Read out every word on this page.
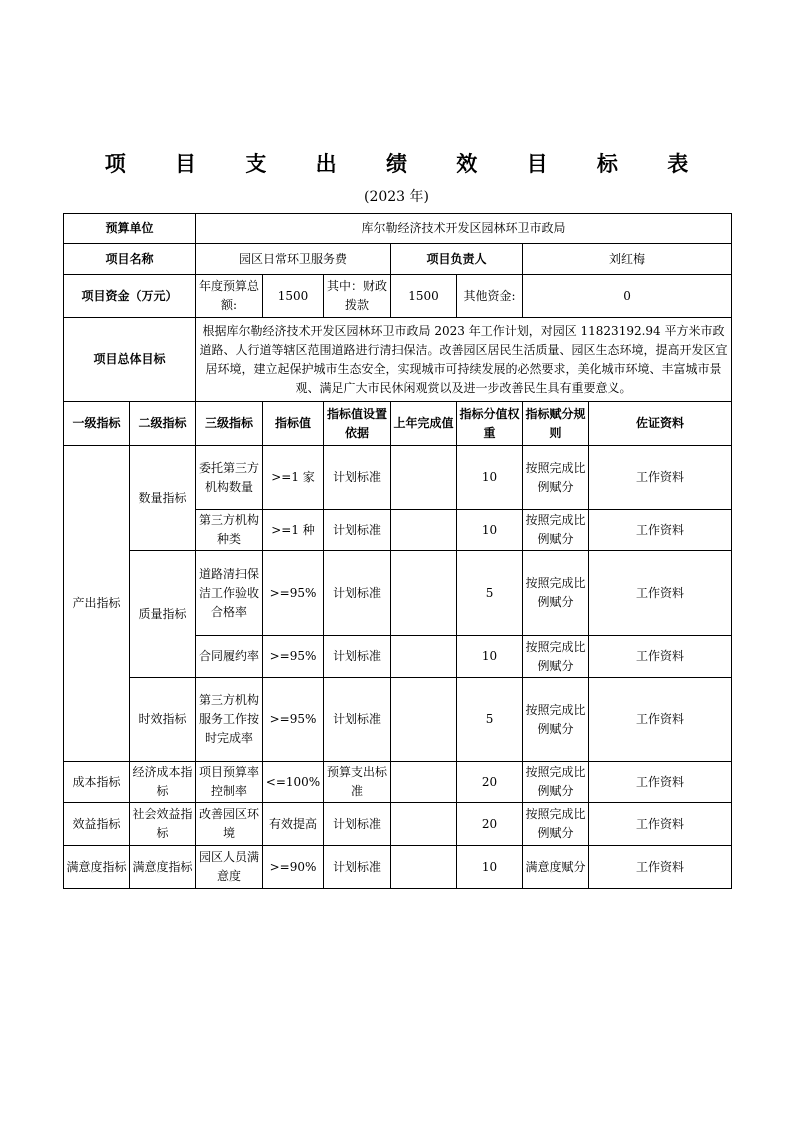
项 目 支 出 绩 效 目 标 表
(2023 年)
预算单位		库尔勒经济技术开发区园林环卫市政局						
项目名称		园区日常环卫服务费			项目负责人		刘红梅	
项目资金（万元）		年度预算总额:	1500	其中：财政拨款	1500	其他资金:	0	
项目总体目标		根据库尔勒经济技术开发区园林环卫市政局 2023 年工作计划，对园区 11823192.94 平方米市政道路、人行道等辖区范围道路进行清扫保洁。改善园区居民生活质量、园区生态环境，提高开发区宜居环境，建立起保护城市生态安全，实现城市可持续发展的必然要求，美化城市环境、丰富城市景观、满足广大市民休闲观赏以及进一步改善民生具有重要意义。						
一级指标	二级指标	三级指标	指标值	指标值设置依据	上年完成值	指标分值权重	指标赋分规则	佐证资料
产出指标	数量指标	委托第三方机构数量	>=1 家	计划标准		10	按照完成比例赋分	工作资料
		第三方机构种类	>=1 种	计划标准		10	按照完成比例赋分	工作资料
	质量指标	道路清扫保洁工作验收合格率	>=95%	计划标准		5	按照完成比例赋分	工作资料
		合同履约率	>=95%	计划标准		10	按照完成比例赋分	工作资料
	时效指标	第三方机构服务工作按时完成率	>=95%	计划标准		5	按照完成比例赋分	工作资料
成本指标	经济成本指标	项目预算率控制率	<=100%	预算支出标准		20	按照完成比例赋分	工作资料
效益指标	社会效益指标	改善园区环境	有效提高	计划标准		20	按照完成比例赋分	工作资料
满意度指标	满意度指标	园区人员满意度	>=90%	计划标准		10	满意度赋分	工作资料
